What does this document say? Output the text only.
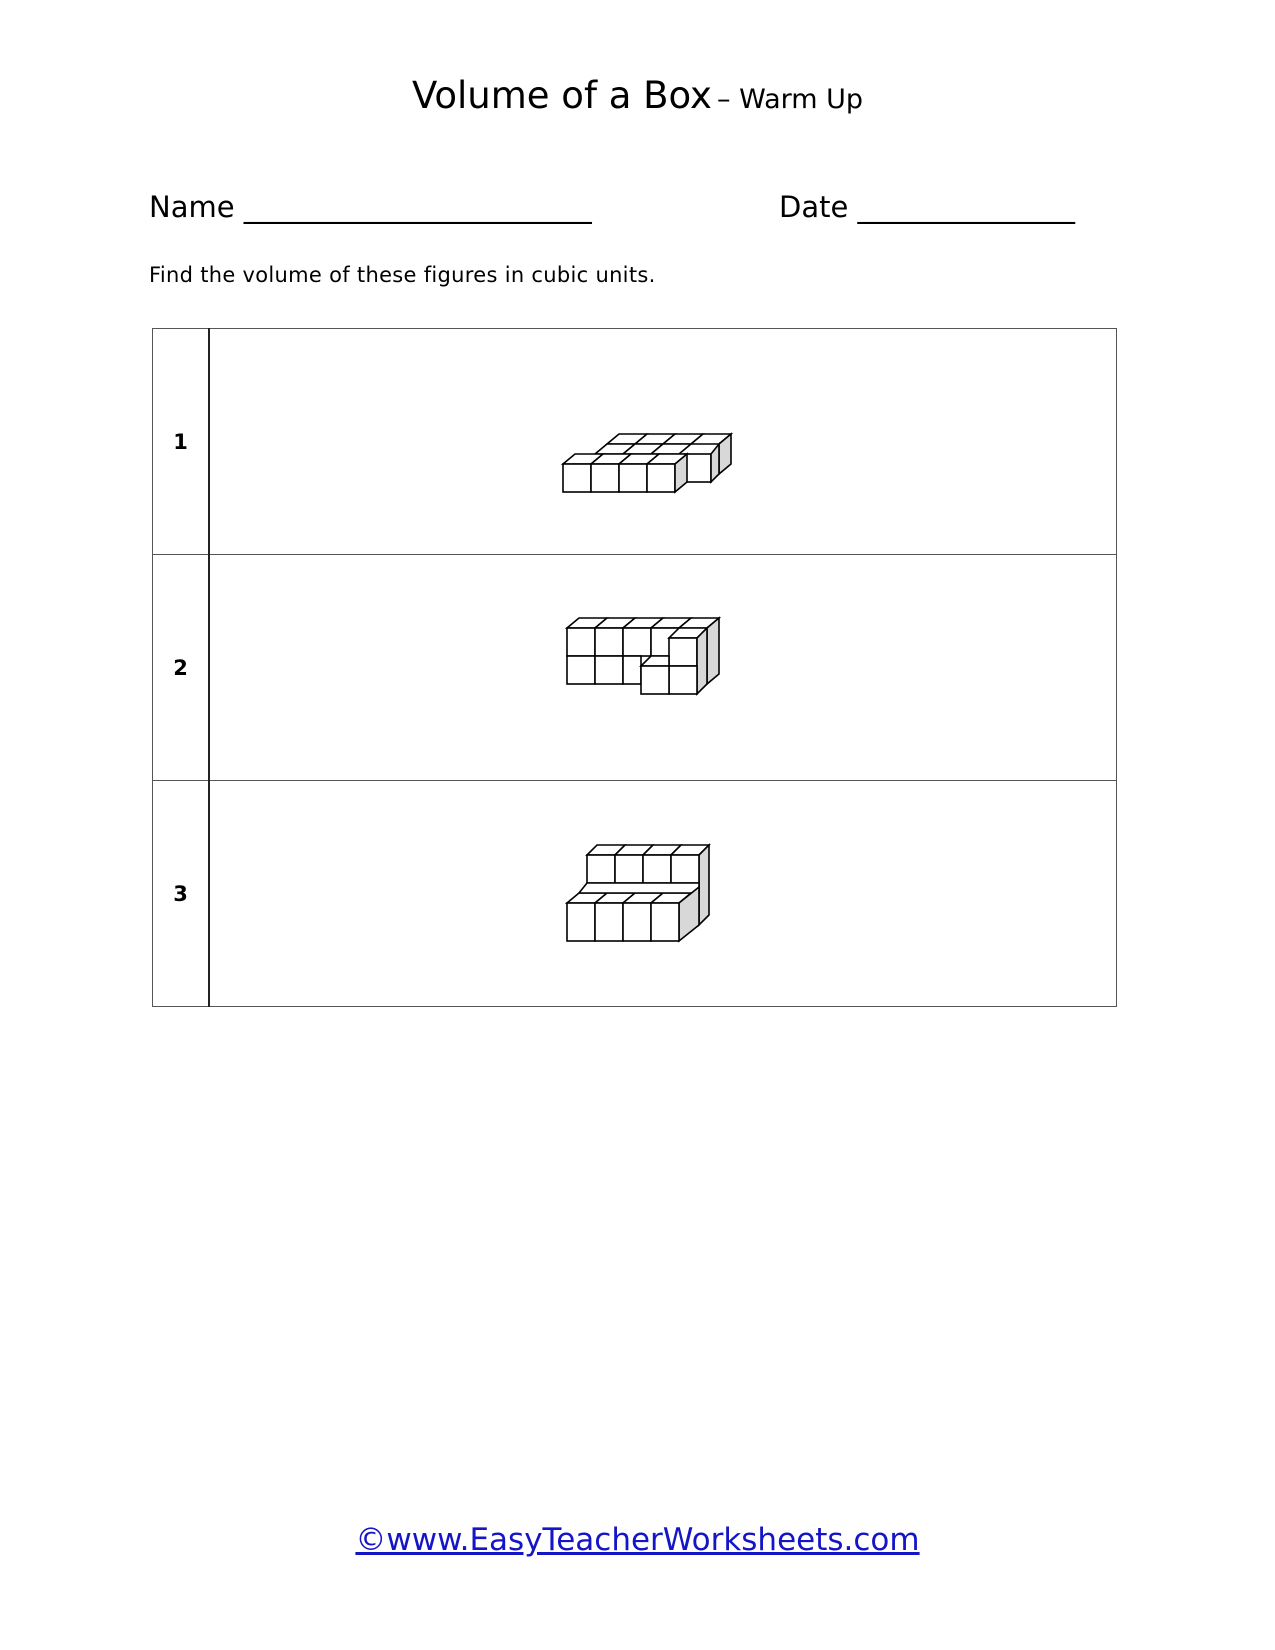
Volume of a Box – Warm Up
Name ________________________	Date _______________
Find the volume of these figures in cubic units.
1	

2	

3	
©www.EasyTeacherWorksheets.com
